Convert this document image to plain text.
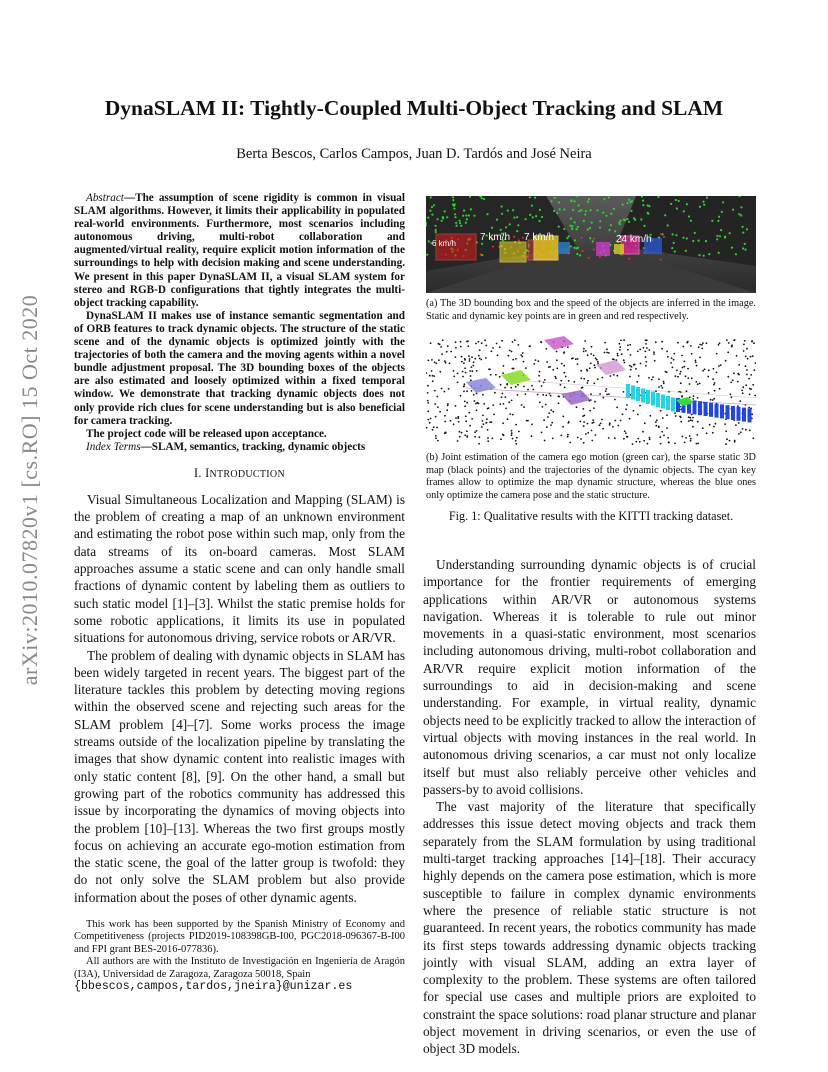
arXiv:2010.07820v1 [cs.RO] 15 Oct 2020
DynaSLAM II: Tightly-Coupled Multi-Object Tracking and SLAM
Berta Bescos, Carlos Campos, Juan D. Tardós and José Neira

Abstract—The assumption of scene rigidity is common in visual SLAM algorithms. However, it limits their applicability in populated real-world environments. Furthermore, most scenarios including autonomous driving, multi-robot collaboration and augmented/virtual reality, require explicit motion information of the surroundings to help with decision making and scene understanding. We present in this paper DynaSLAM II, a visual SLAM system for stereo and RGB-D configurations that tightly integrates the multi-object tracking capability.

DynaSLAM II makes use of instance semantic segmentation and of ORB features to track dynamic objects. The structure of the static scene and of the dynamic objects is optimized jointly with the trajectories of both the camera and the moving agents within a novel bundle adjustment proposal. The 3D bounding boxes of the objects are also estimated and loosely optimized within a fixed temporal window. We demonstrate that tracking dynamic objects does not only provide rich clues for scene understanding but is also beneficial for camera tracking.

The project code will be released upon acceptance.

Index Terms—SLAM, semantics, tracking, dynamic objects

I. INTRODUCTION

Visual Simultaneous Localization and Mapping (SLAM) is the problem of creating a map of an unknown environment and estimating the robot pose within such map, only from the data streams of its on-board cameras. Most SLAM approaches assume a static scene and can only handle small fractions of dynamic content by labeling them as outliers to such static model [1]–[3]. Whilst the static premise holds for some robotic applications, it limits its use in populated situations for autonomous driving, service robots or AR/VR.

The problem of dealing with dynamic objects in SLAM has been widely targeted in recent years. The biggest part of the literature tackles this problem by detecting moving regions within the observed scene and rejecting such areas for the SLAM problem [4]–[7]. Some works process the image streams outside of the localization pipeline by translating the images that show dynamic content into realistic images with only static content [8], [9]. On the other hand, a small but growing part of the robotics community has addressed this issue by incorporating the dynamics of moving objects into the problem [10]–[13]. Whereas the two first groups mostly focus on achieving an accurate ego-motion estimation from the static scene, the goal of the latter group is twofold: they do not only solve the SLAM problem but also provide information about the poses of other dynamic agents.

This work has been supported by the Spanish Ministry of Economy and Competitiveness (projects PID2019-108398GB-I00, PGC2018-096367-B-I00 and FPI grant BES-2016-077836).

All authors are with the Instituto de Investigación en Ingeniería de Aragón (I3A), Universidad de Zaragoza, Zaragoza 50018, Spain

{bbescos,campos,tardos,jneira}@unizar.es
7 km/h 7 km/h	24 km/h
6 km/h
(a) The 3D bounding box and the speed of the objects are inferred in the image. Static and dynamic key points are in green and red respectively.
(b) Joint estimation of the camera ego motion (green car), the sparse static 3D map (black points) and the trajectories of the dynamic objects. The cyan key frames allow to optimize the map dynamic structure, whereas the blue ones only optimize the camera pose and the static structure.
Fig. 1: Qualitative results with the KITTI tracking dataset.

Understanding surrounding dynamic objects is of crucial importance for the frontier requirements of emerging applications within AR/VR or autonomous systems navigation. Whereas it is tolerable to rule out minor movements in a quasi-static environment, most scenarios including autonomous driving, multi-robot collaboration and AR/VR require explicit motion information of the surroundings to aid in decision-making and scene understanding. For example, in virtual reality, dynamic objects need to be explicitly tracked to allow the interaction of virtual objects with moving instances in the real world. In autonomous driving scenarios, a car must not only localize itself but must also reliably perceive other vehicles and passers-by to avoid collisions.

The vast majority of the literature that specifically addresses this issue detect moving objects and track them separately from the SLAM formulation by using traditional multi-target tracking approaches [14]–[18]. Their accuracy highly depends on the camera pose estimation, which is more susceptible to failure in complex dynamic environments where the presence of reliable static structure is not guaranteed. In recent years, the robotics community has made its first steps towards addressing dynamic objects tracking jointly with visual SLAM, adding an extra layer of complexity to the problem. These systems are often tailored for special use cases and multiple priors are exploited to constraint the space solutions: road planar structure and planar object movement in driving scenarios, or even the use of object 3D models.
